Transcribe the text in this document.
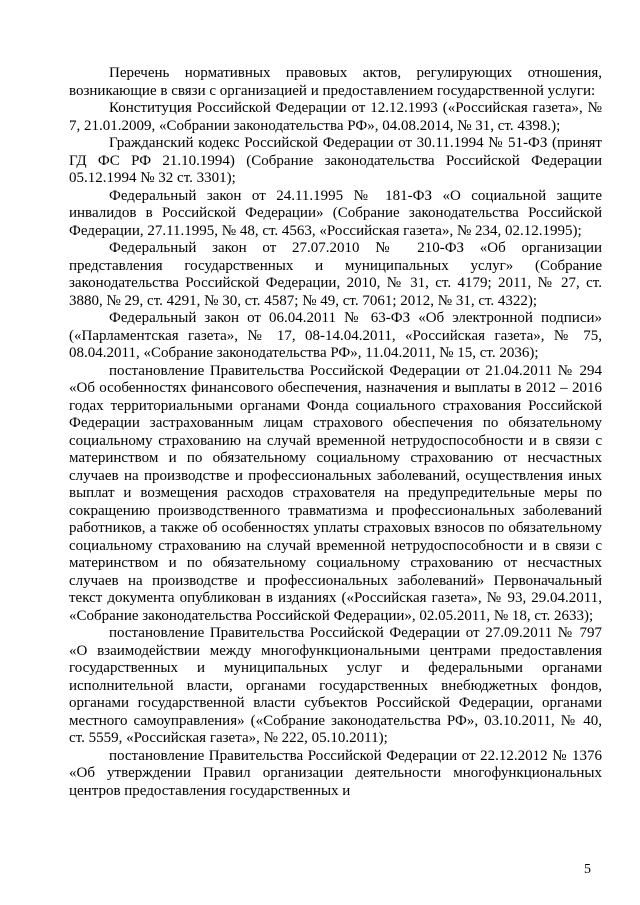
Перечень нормативных правовых актов, регулирующих отношения, возникающие в связи с организацией и предоставлением государственной услуги:

Конституция Российской Федерации от 12.12.1993 («Российская газета», № 7, 21.01.2009, «Собрании законодательства РФ», 04.08.2014, № 31, ст. 4398.);

Гражданский кодекс Российской Федерации от 30.11.1994 № 51-ФЗ (принят ГД ФС РФ 21.10.1994) (Собрание законодательства Российской Федерации 05.12.1994 № 32 ст. 3301);

Федеральный закон от 24.11.1995 № 181-ФЗ «О социальной защите инвалидов в Российской Федерации» (Собрание законодательства Российской Федерации, 27.11.1995, № 48, ст. 4563, «Российская газета», № 234, 02.12.1995);

Федеральный закон от 27.07.2010 № 210-ФЗ «Об организации представления государственных и муниципальных услуг» (Собрание законодательства Российской Федерации, 2010, № 31, ст. 4179; 2011, № 27, ст. 3880, № 29, ст. 4291, № 30, ст. 4587; № 49, ст. 7061; 2012, № 31, ст. 4322);

Федеральный закон от 06.04.2011 № 63-ФЗ «Об электронной подписи» («Парламентская газета», № 17, 08-14.04.2011, «Российская газета», № 75, 08.04.2011, «Собрание законодательства РФ», 11.04.2011, № 15, ст. 2036);

постановление Правительства Российской Федерации от 21.04.2011 № 294 «Об особенностях финансового обеспечения, назначения и выплаты в 2012 – 2016 годах территориальными органами Фонда социального страхования Российской Федерации застрахованным лицам страхового обеспечения по обязательному социальному страхованию на случай временной нетрудоспособности и в связи с материнством и по обязательному социальному страхованию от несчастных случаев на производстве и профессиональных заболеваний, осуществления иных выплат и возмещения расходов страхователя на предупредительные меры по сокращению производственного травматизма и профессиональных заболеваний работников, а также об особенностях уплаты страховых взносов по обязательному социальному страхованию на случай временной нетрудоспособности и в связи с материнством и по обязательному социальному страхованию от несчастных случаев на производстве и профессиональных заболеваний» Первоначальный текст документа опубликован в изданиях («Российская газета», № 93, 29.04.2011, «Собрание законодательства Российской Федерации», 02.05.2011, № 18, ст. 2633);

постановление Правительства Российской Федерации от 27.09.2011 № 797 «О взаимодействии между многофункциональными центрами предоставления государственных и муниципальных услуг и федеральными органами исполнительной власти, органами государственных внебюджетных фондов, органами государственной власти субъектов Российской Федерации, органами местного самоуправления» («Собрание законодательства РФ», 03.10.2011, № 40, ст. 5559, «Российская газета», № 222, 05.10.2011);

постановление Правительства Российской Федерации от 22.12.2012 № 1376 «Об утверждении Правил организации деятельности многофункциональных центров предоставления государственных и

5
